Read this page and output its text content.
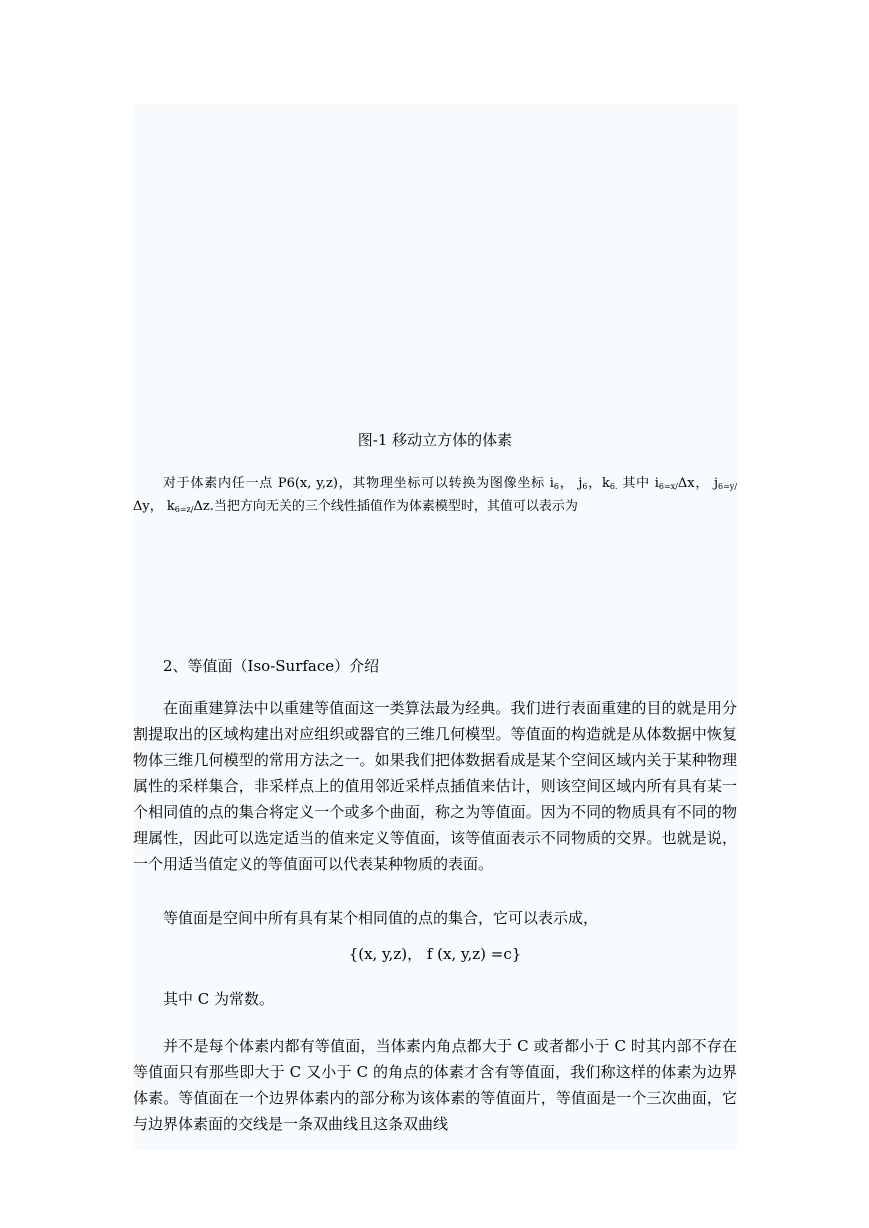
图-1 移动立方体的体素

对于体素内任一点 P6(x, y,z)，其物理坐标可以转换为图像坐标 $i_6$， $j_6$，$k_{6.}$ 其中 $i_{6=x/}\Delta x$， $j_{6=y/}\Delta y$， $k_{6=z/}\Delta z$.当把方向无关的三个线性插值作为体素模型时，其值可以表示为

2、等值面（Iso-Surface）介绍

在面重建算法中以重建等值面这一类算法最为经典。我们进行表面重建的目的就是用分割提取出的区域构建出对应组织或器官的三维几何模型。等值面的构造就是从体数据中恢复物体三维几何模型的常用方法之一。如果我们把体数据看成是某个空间区域内关于某种物理属性的采样集合，非采样点上的值用邻近采样点插值来估计，则该空间区域内所有具有某一个相同值的点的集合将定义一个或多个曲面，称之为等值面。因为不同的物质具有不同的物理属性，因此可以选定适当的值来定义等值面，该等值面表示不同物质的交界。也就是说，一个用适当值定义的等值面可以代表某种物质的表面。

等值面是空间中所有具有某个相同值的点的集合，它可以表示成，

{(x, y,z)， f (x, y,z) =c}

其中 C 为常数。

并不是每个体素内都有等值面，当体素内角点都大于 C 或者都小于 C 时其内部不存在等值面只有那些即大于 C 又小于 C 的角点的体素才含有等值面，我们称这样的体素为边界体素。等值面在一个边界体素内的部分称为该体素的等值面片，等值面是一个三次曲面，它与边界体素面的交线是一条双曲线且这条双曲线
